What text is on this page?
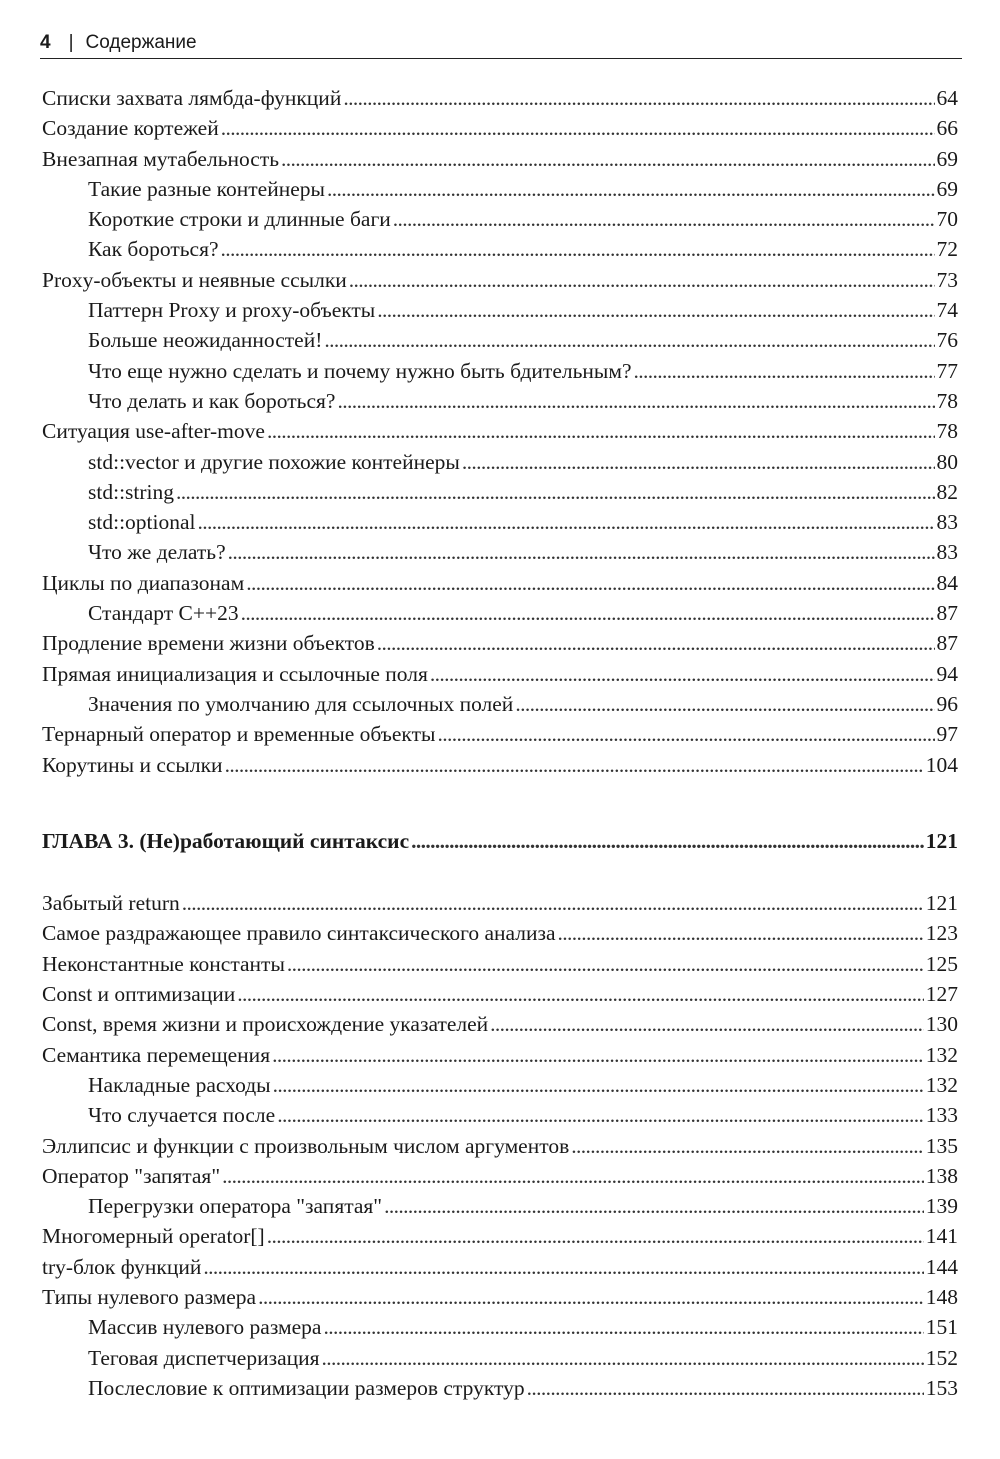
4 | Содержание
Списки захвата лямбда-функций . . .	64
Создание кортежей . . .	66
Внезапная мутабельность . . .	69
Такие разные контейнеры . . .	69
Короткие строки и длинные баги . . .	70
Как бороться? . . .	72
Proxy-объекты и неявные ссылки . . .	73
Паттерн Proxy и proxy-объекты . . .	74
Больше неожиданностей! . . .	76
Что еще нужно сделать и почему нужно быть бдительным? . . .	77
Что делать и как бороться? . . .	78
Ситуация use-after-move . . .	78
std::vector и другие похожие контейнеры . . .	80
std::string . . .	82
std::optional . . .	83
Что же делать? . . .	83
Циклы по диапазонам . . .	84
Стандарт C++23 . . .	87
Продление времени жизни объектов . . .	87
Прямая инициализация и ссылочные поля . . .	94
Значения по умолчанию для ссылочных полей . . .	96
Тернарный оператор и временные объекты . . .	97
Корутины и ссылки . . .	104
ГЛАВА 3. (Не)работающий синтаксис . . .	121
Забытый return . . .	121
Самое раздражающее правило синтаксического анализа . . .	123
Неконстантные константы . . .	125
Const и оптимизации . . .	127
Const, время жизни и происхождение указателей . . .	130
Семантика перемещения . . .	132
Накладные расходы . . .	132
Что случается после . . .	133
Эллипсис и функции с произвольным числом аргументов . . .	135
Оператор "запятая" . . .	138
Перегрузки оператора "запятая" . . .	139
Многомерный operator[] . . .	141
try-блок функций . . .	144
Типы нулевого размера . . .	148
Массив нулевого размера . . .	151
Теговая диспетчеризация . . .	152
Послесловие к оптимизации размеров структур . . .	153
